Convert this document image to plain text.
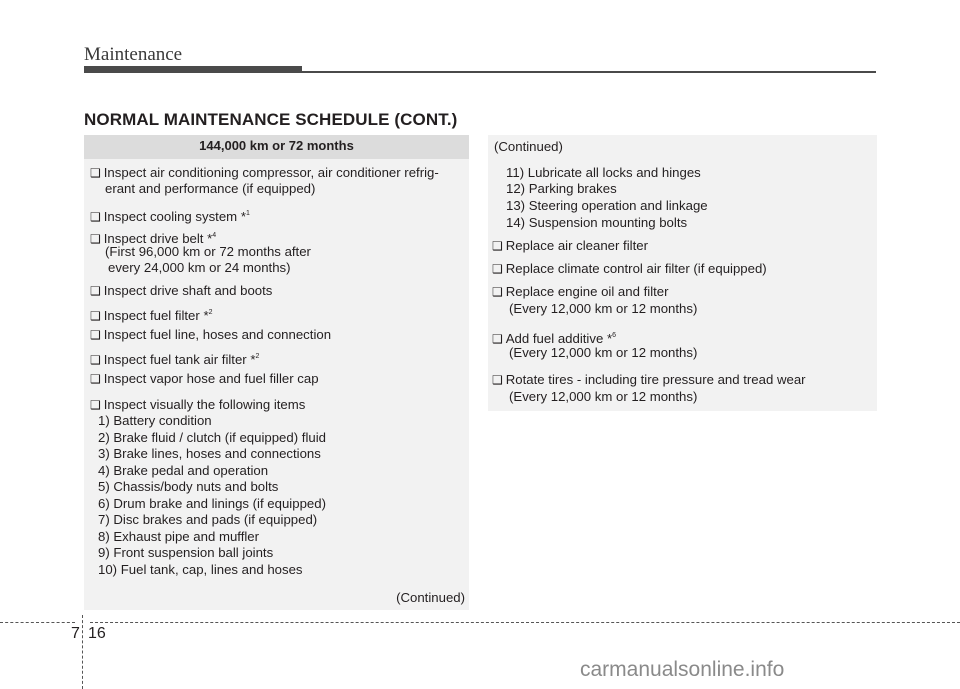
Maintenance
NORMAL MAINTENANCE SCHEDULE (CONT.)
144,000 km or 72 months
❑ Inspect air conditioning compressor, air conditioner refrig-
erant and performance (if equipped)
❑ Inspect cooling system *$^1$
❑ Inspect drive belt *$^4$
(First 96,000 km or 72 months after
every 24,000 km or 24 months)
❑ Inspect drive shaft and boots
❑ Inspect fuel filter *$^2$
❑ Inspect fuel line, hoses and connection
❑ Inspect fuel tank air filter *$^2$
❑ Inspect vapor hose and fuel filler cap
❑ Inspect visually the following items
1) Battery condition
2) Brake fluid / clutch (if equipped) fluid
3) Brake lines, hoses and connections
4) Brake pedal and operation
5) Chassis/body nuts and bolts
6) Drum brake and linings (if equipped)
7) Disc brakes and pads (if equipped)
8) Exhaust pipe and muffler
9) Front suspension ball joints
10) Fuel tank, cap, lines and hoses
(Continued)
(Continued)
11) Lubricate all locks and hinges
12) Parking brakes
13) Steering operation and linkage
14) Suspension mounting bolts
❑ Replace air cleaner filter
❑ Replace climate control air filter (if equipped)
❑ Replace engine oil and filter
(Every 12,000 km or 12 months)
❑ Add fuel additive *$^6$
(Every 12,000 km or 12 months)
❑ Rotate tires - including tire pressure and tread wear
(Every 12,000 km or 12 months)
7 16
carmanualsonline.info
